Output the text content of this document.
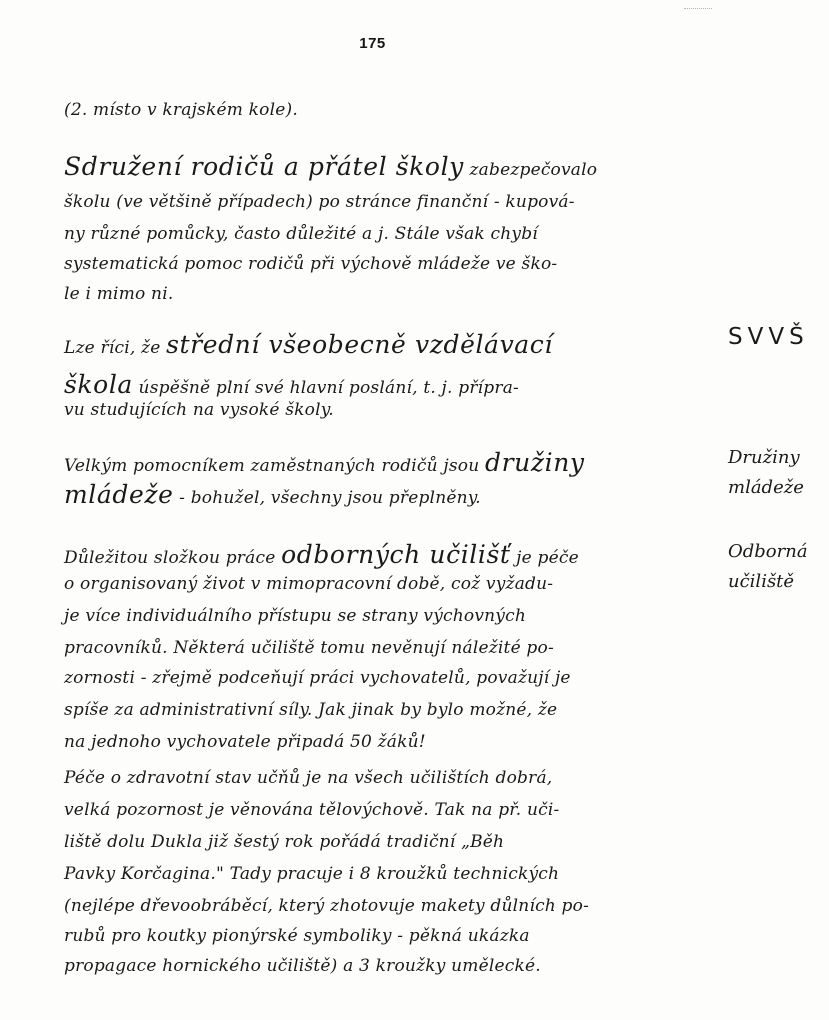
175
(2. místo v krajském kole).
Sdružení rodičů a přátel školy zabezpečovalo
školu (ve většině případech) po stránce finanční - kupová-
ny různé pomůcky, často důležité a j. Stále však chybí
systematická pomoc rodičů při výchově mládeže ve ško-
le i mimo ni.
Lze říci, že střední všeobecně vzdělávací
škola úspěšně plní své hlavní poslání, t. j. přípra-
vu studujících na vysoké školy.
Velkým pomocníkem zaměstnaných rodičů jsou družiny
mládeže - bohužel, všechny jsou přeplněny.
Důležitou složkou práce odborných učilišť je péče
o organisovaný život v mimopracovní době, což vyžadu-
je více individuálního přístupu se strany výchovných
pracovníků. Některá učiliště tomu nevěnují náležité po-
zornosti - zřejmě podceňují práci vychovatelů, považují je
spíše za administrativní síly. Jak jinak by bylo možné, že
na jednoho vychovatele připadá 50 žáků!
Péče o zdravotní stav učňů je na všech učilištích dobrá,
velká pozornost je věnována tělovýchově. Tak na př. uči-
liště dolu Dukla již šestý rok pořádá tradiční „Běh
Pavky Korčagina." Tady pracuje i 8 kroužků technických
(nejlépe dřevoobráběcí, který zhotovuje makety důlních po-
rubů pro koutky pionýrské symboliky - pěkná ukázka
propagace hornického učiliště) a 3 kroužky umělecké.
SVVŠ
Družiny
mládeže
Odborná
učiliště
